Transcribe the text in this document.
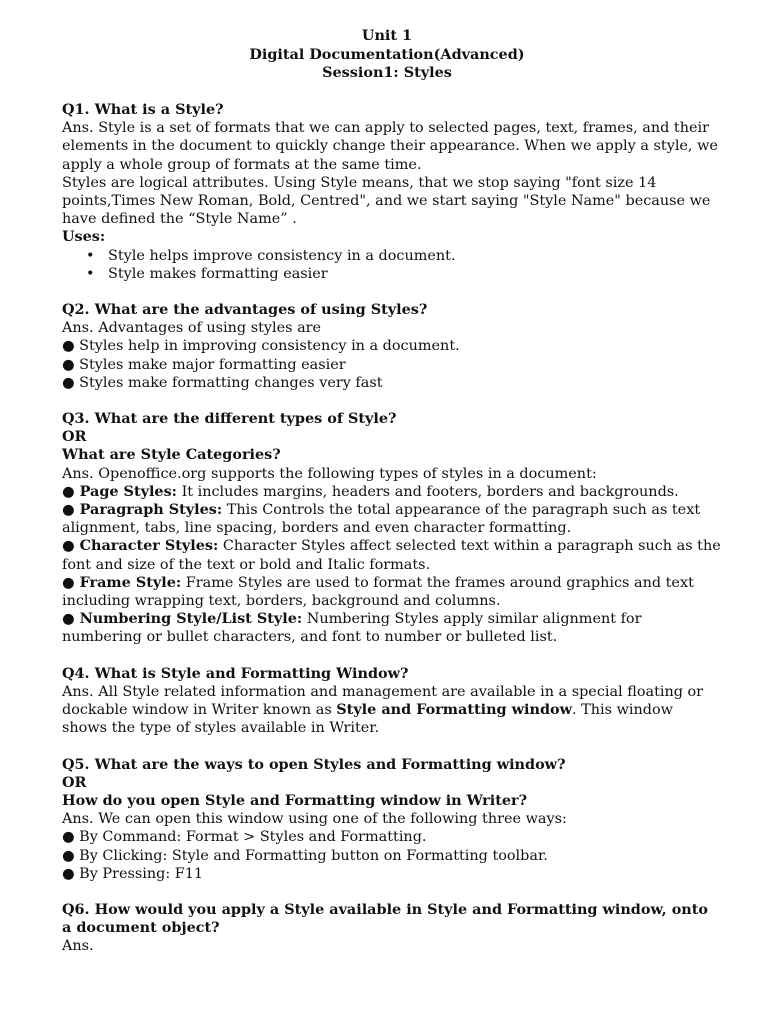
Unit 1
Digital Documentation(Advanced)
Session1: Styles
Q1. What is a Style?

Ans. Style is a set of formats that we can apply to selected pages, text, frames, and their elements in the document to quickly change their appearance. When we apply a style, we apply a whole group of formats at the same time.

Styles are logical attributes. Using Style means, that we stop saying "font size 14 points,Times New Roman, Bold, Centred", and we start saying "Style Name" because we have defined the “Style Name” .

Uses:
• Style helps improve consistency in a document.
• Style makes formatting easier
Q2. What are the advantages of using Styles?

Ans. Advantages of using styles are

● Styles help in improving consistency in a document.

● Styles make major formatting easier

● Styles make formatting changes very fast

Q3. What are the different types of Style?
OR
What are Style Categories?

Ans. Openoffice.org supports the following types of styles in a document:

● Page Styles: It includes margins, headers and footers, borders and backgrounds.

● Paragraph Styles: This Controls the total appearance of the paragraph such as text alignment, tabs, line spacing, borders and even character formatting.

● Character Styles: Character Styles affect selected text within a paragraph such as the font and size of the text or bold and Italic formats.

● Frame Style: Frame Styles are used to format the frames around graphics and text including wrapping text, borders, background and columns.

● Numbering Style/List Style: Numbering Styles apply similar alignment for numbering or bullet characters, and font to number or bulleted list.

Q4. What is Style and Formatting Window?

Ans. All Style related information and management are available in a special floating or dockable window in Writer known as Style and Formatting window. This window shows the type of styles available in Writer.

Q5. What are the ways to open Styles and Formatting window?
OR
How do you open Style and Formatting window in Writer?

Ans. We can open this window using one of the following three ways:

● By Command: Format > Styles and Formatting.

● By Clicking: Style and Formatting button on Formatting toolbar.

● By Pressing: F11

Q6. How would you apply a Style available in Style and Formatting window, onto a document object?

Ans.
